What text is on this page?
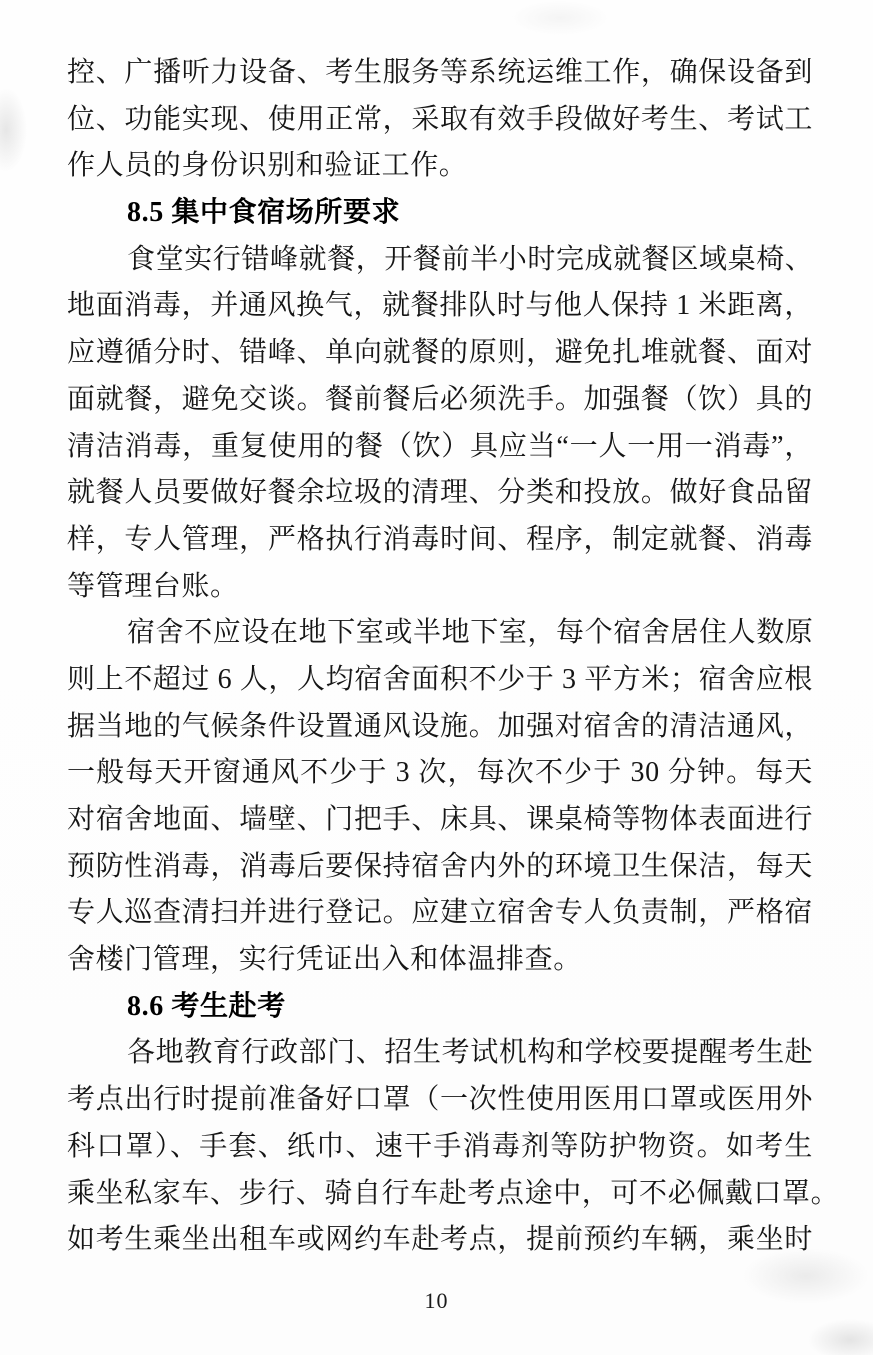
控、广播听力设备、考生服务等系统运维工作，确保设备到
位、功能实现、使用正常，采取有效手段做好考生、考试工
作人员的身份识别和验证工作。
8.5 集中食宿场所要求
食堂实行错峰就餐，开餐前半小时完成就餐区域桌椅、
地面消毒，并通风换气，就餐排队时与他人保持 1 米距离，
应遵循分时、错峰、单向就餐的原则，避免扎堆就餐、面对
面就餐，避免交谈。餐前餐后必须洗手。加强餐（饮）具的
清洁消毒，重复使用的餐（饮）具应当“一人一用一消毒”，
就餐人员要做好餐余垃圾的清理、分类和投放。做好食品留
样，专人管理，严格执行消毒时间、程序，制定就餐、消毒
等管理台账。
宿舍不应设在地下室或半地下室，每个宿舍居住人数原
则上不超过 6 人，人均宿舍面积不少于 3 平方米；宿舍应根
据当地的气候条件设置通风设施。加强对宿舍的清洁通风，
一般每天开窗通风不少于 3 次，每次不少于 30 分钟。每天
对宿舍地面、墙壁、门把手、床具、课桌椅等物体表面进行
预防性消毒，消毒后要保持宿舍内外的环境卫生保洁，每天
专人巡查清扫并进行登记。应建立宿舍专人负责制，严格宿
舍楼门管理，实行凭证出入和体温排查。
8.6 考生赴考
各地教育行政部门、招生考试机构和学校要提醒考生赴
考点出行时提前准备好口罩（一次性使用医用口罩或医用外
科口罩）、手套、纸巾、速干手消毒剂等防护物资。如考生
乘坐私家车、步行、骑自行车赴考点途中，可不必佩戴口罩。
如考生乘坐出租车或网约车赴考点，提前预约车辆，乘坐时
10
